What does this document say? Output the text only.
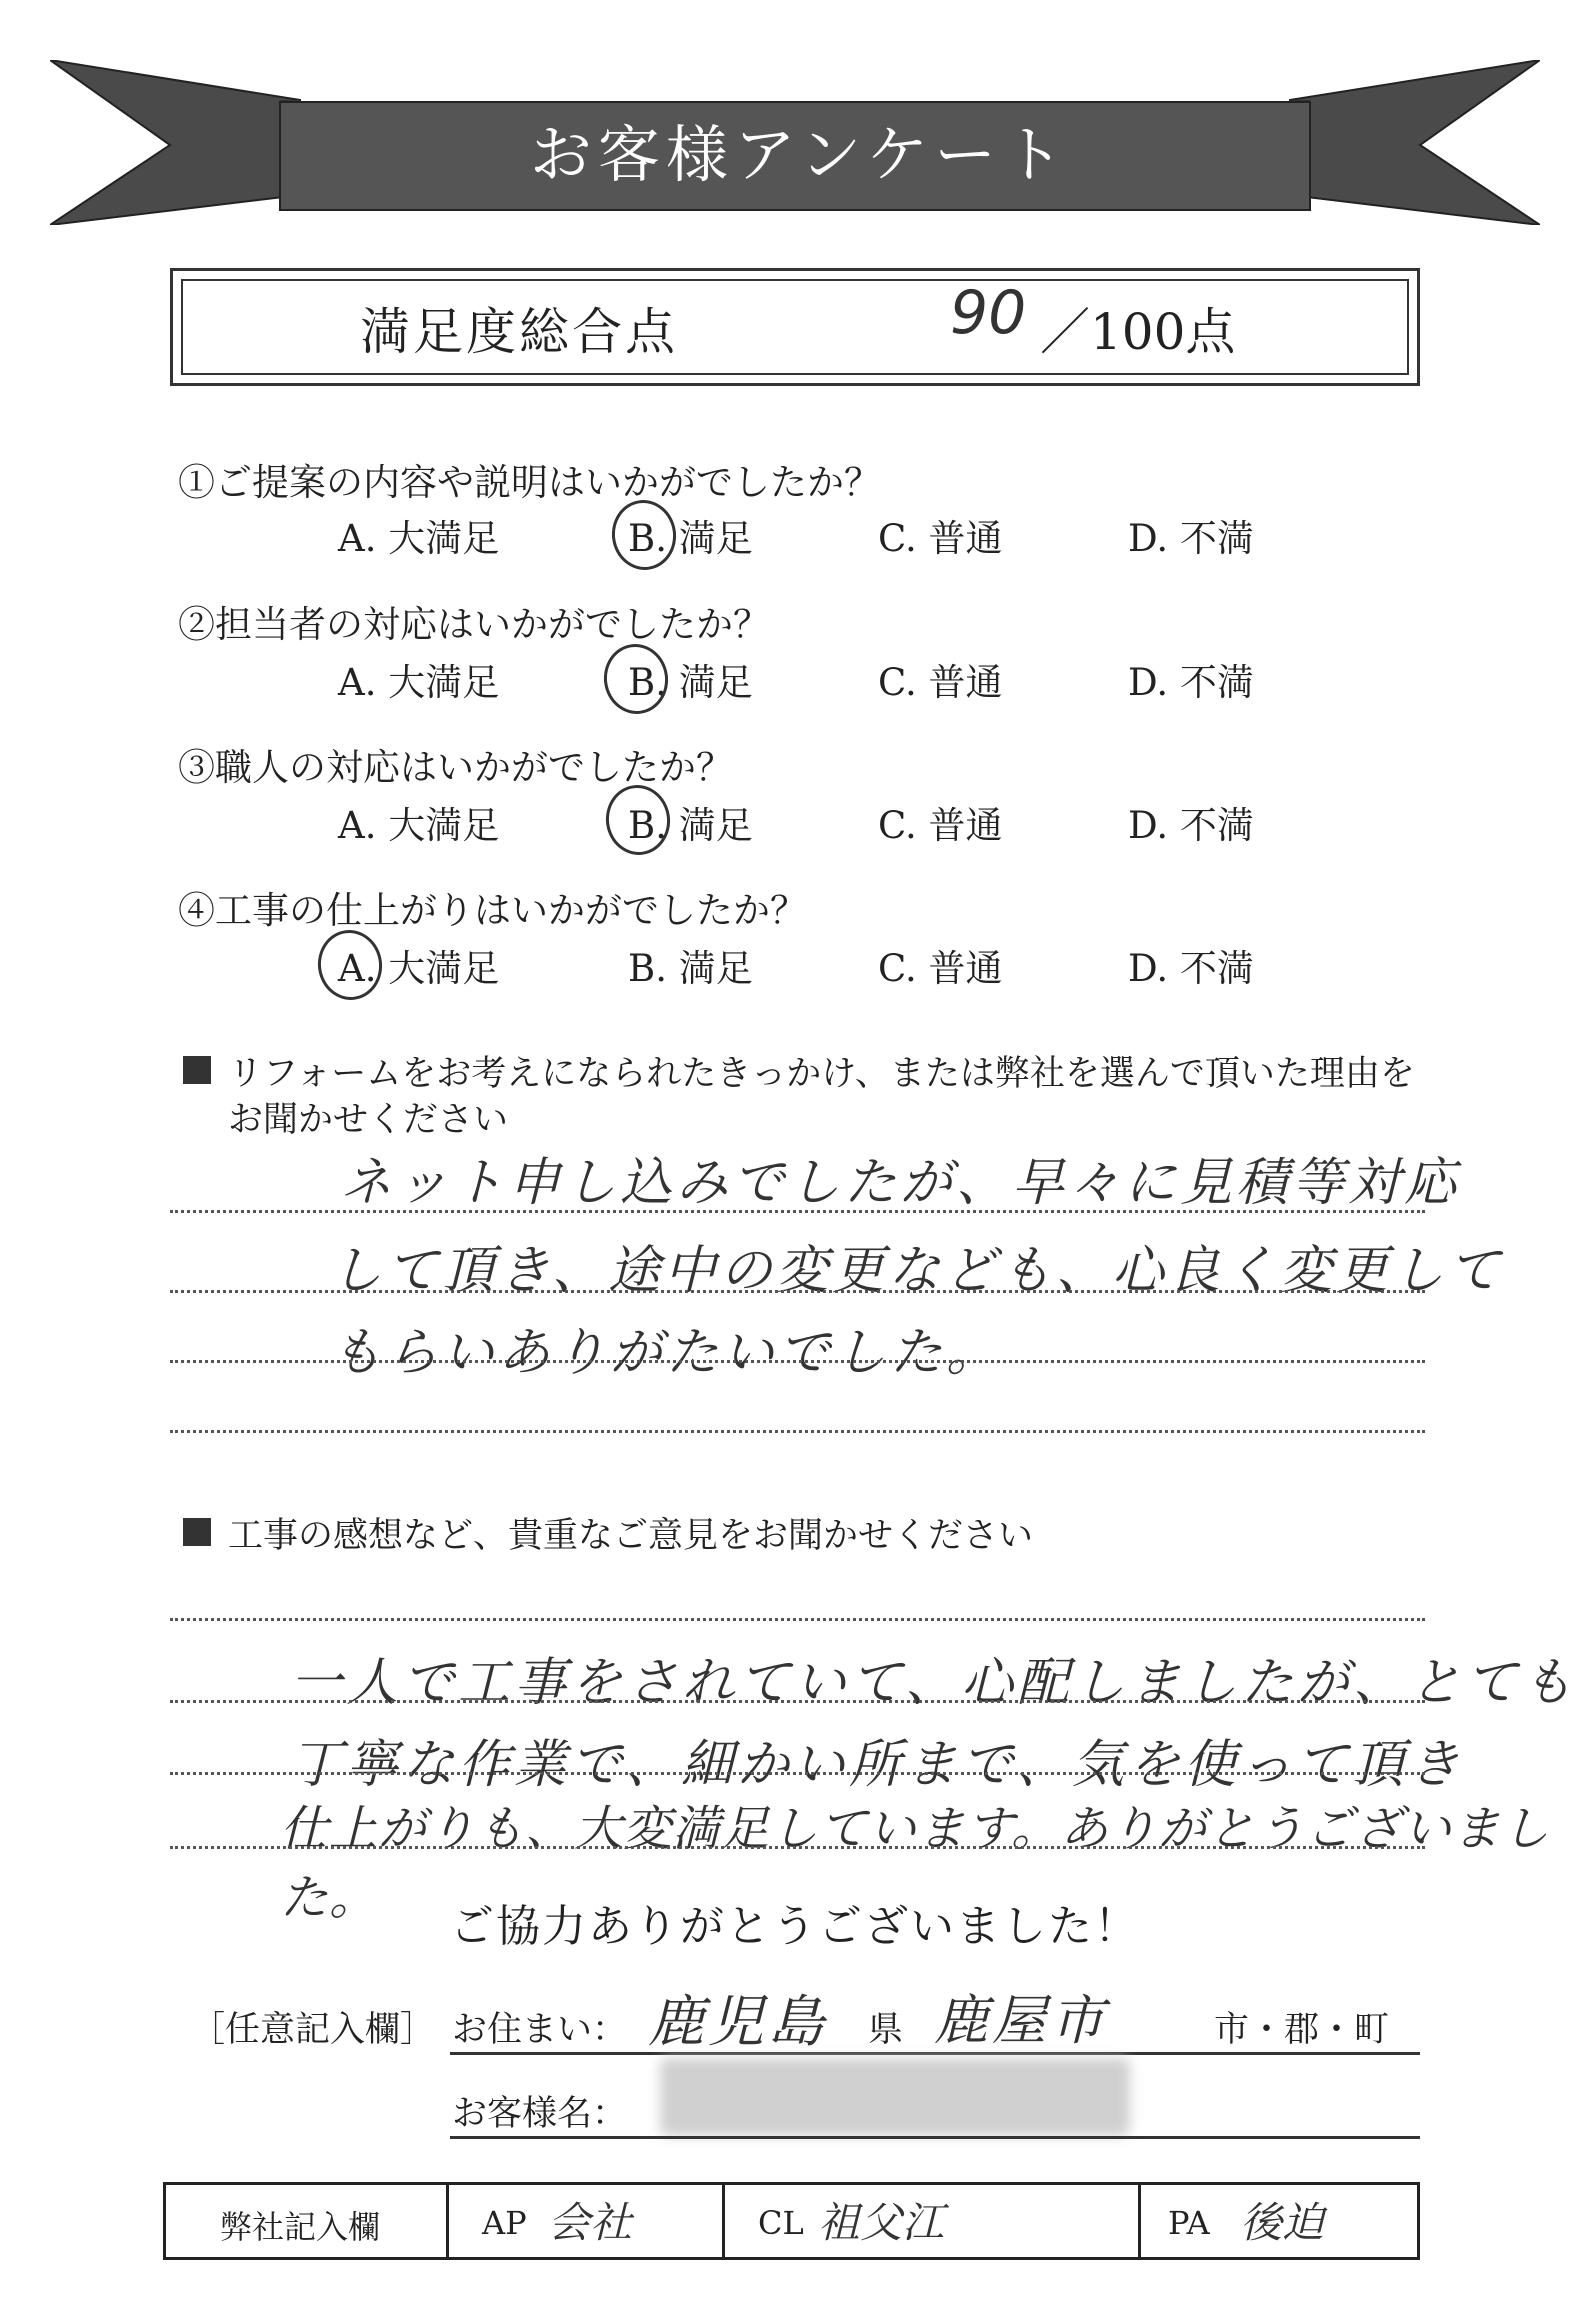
お客様アンケート
満足度総合点	90 ／100点
①ご提案の内容や説明はいかがでしたか？
A. 大満足	B. 満足	C. 普通	D. 不満
②担当者の対応はいかがでしたか？
A. 大満足	B. 満足	C. 普通	D. 不満
③職人の対応はいかがでしたか？
A. 大満足	B. 満足	C. 普通	D. 不満
④工事の仕上がりはいかがでしたか？
A. 大満足	B. 満足	C. 普通	D. 不満
リフォームをお考えになられたきっかけ、または弊社を選んで頂いた理由を
お聞かせください
ネット申し込みでしたが、早々に見積等対応
して頂き、途中の変更なども、心良く変更して
もらいありがたいでした。
工事の感想など、貴重なご意見をお聞かせください
一人で工事をされていて、心配しましたが、とても
丁寧な作業で、細かい所まで、気を使って頂き
仕上がりも、大変満足しています。ありがとうございました。
ご協力ありがとうございました！
［任意記入欄］ お住まい： 鹿児島 県 鹿屋市	市・郡・町
お客様名：
弊社記入欄	AP 会社	CL 祖父江	PA 後迫
